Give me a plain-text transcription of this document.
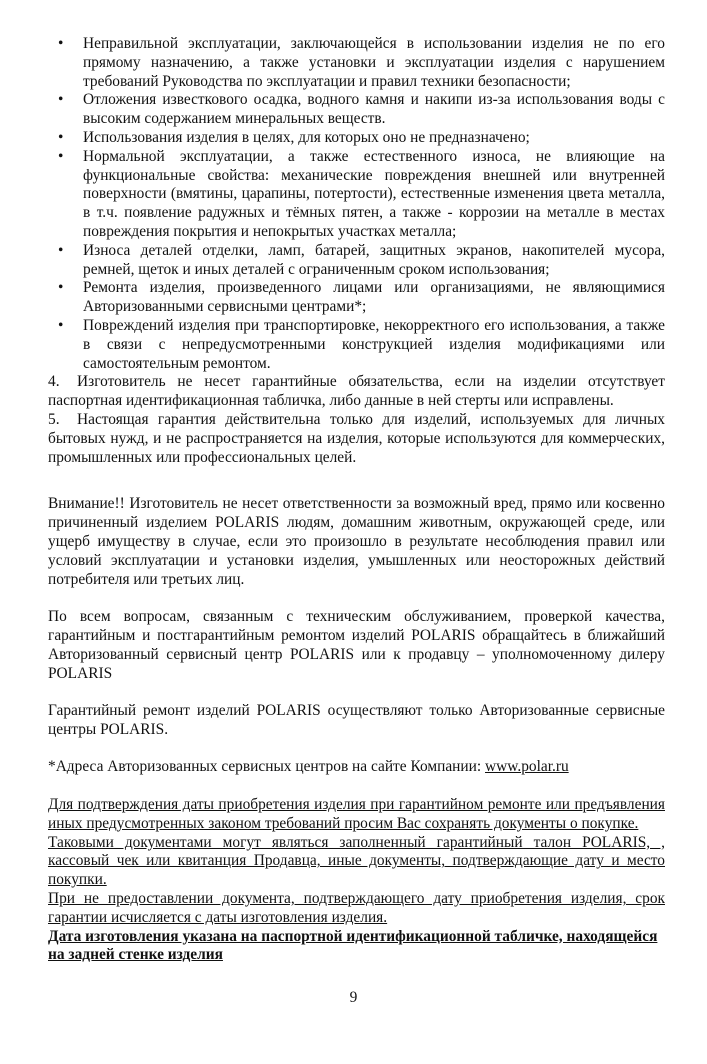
• Неправильной эксплуатации, заключающейся в использовании изделия не по его прямому назначению, а также установки и эксплуатации изделия с нарушением требований Руководства по эксплуатации и правил техники безопасности;
• Отложения известкового осадка, водного камня и накипи из-за использования воды с высоким содержанием минеральных веществ.
• Использования изделия в целях, для которых оно не предназначено;
• Нормальной эксплуатации, а также естественного износа, не влияющие на функциональные свойства: механические повреждения внешней или внутренней поверхности (вмятины, царапины, потертости), естественные изменения цвета металла, в т.ч. появление радужных и тёмных пятен, а также - коррозии на металле в местах повреждения покрытия и непокрытых участках металла;
• Износа деталей отделки, ламп, батарей, защитных экранов, накопителей мусора, ремней, щеток и иных деталей с ограниченным сроком использования;
• Ремонта изделия, произведенного лицами или организациями, не являющимися Авторизованными сервисными центрами*;
• Повреждений изделия при транспортировке, некорректного его использования, а также в связи с непредусмотренными конструкцией изделия модификациями или самостоятельным ремонтом.

4. Изготовитель не несет гарантийные обязательства, если на изделии отсутствует паспортная идентификационная табличка, либо данные в ней стерты или исправлены.

5. Настоящая гарантия действительна только для изделий, используемых для личных бытовых нужд, и не распространяется на изделия, которые используются для коммерческих, промышленных или профессиональных целей.

Внимание!! Изготовитель не несет ответственности за возможный вред, прямо или косвенно причиненный изделием POLARIS людям, домашним животным, окружающей среде, или ущерб имуществу в случае, если это произошло в результате несоблюдения правил или условий эксплуатации и установки изделия, умышленных или неосторожных действий потребителя или третьих лиц.

По всем вопросам, связанным с техническим обслуживанием, проверкой качества, гарантийным и постгарантийным ремонтом изделий POLARIS обращайтесь в ближайший Авторизованный сервисный центр POLARIS или к продавцу – уполномоченному дилеру POLARIS

Гарантийный ремонт изделий POLARIS осуществляют только Авторизованные сервисные центры POLARIS.

*Адреса Авторизованных сервисных центров на сайте Компании: www.polar.ru

Для подтверждения даты приобретения изделия при гарантийном ремонте или предъявления иных предусмотренных законом требований просим Вас сохранять документы о покупке.

Таковыми документами могут являться заполненный гарантийный талон POLARIS, , кассовый чек или квитанция Продавца, иные документы, подтверждающие дату и место покупки.

При не предоставлении документа, подтверждающего дату приобретения изделия, срок гарантии исчисляется с даты изготовления изделия.

Дата изготовления указана на паспортной идентификационной табличке, находящейся на задней стенке изделия

9
